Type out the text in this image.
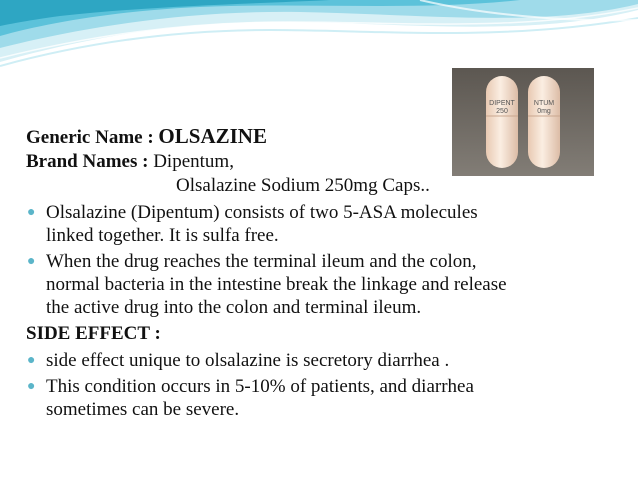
DIPENT
250
NTUM
0mg
Generic Name : OLSAZINE
Brand Names : Dipentum,
Olsalazine Sodium 250mg Caps..
● Olsalazine (Dipentum) consists of two 5-ASA molecules
linked together. It is sulfa free.
● When the drug reaches the terminal ileum and the colon,
normal bacteria in the intestine break the linkage and release
the active drug into the colon and terminal ileum.
SIDE EFFECT :
● side effect unique to olsalazine is secretory diarrhea .
● This condition occurs in 5-10% of patients, and diarrhea
sometimes can be severe.
